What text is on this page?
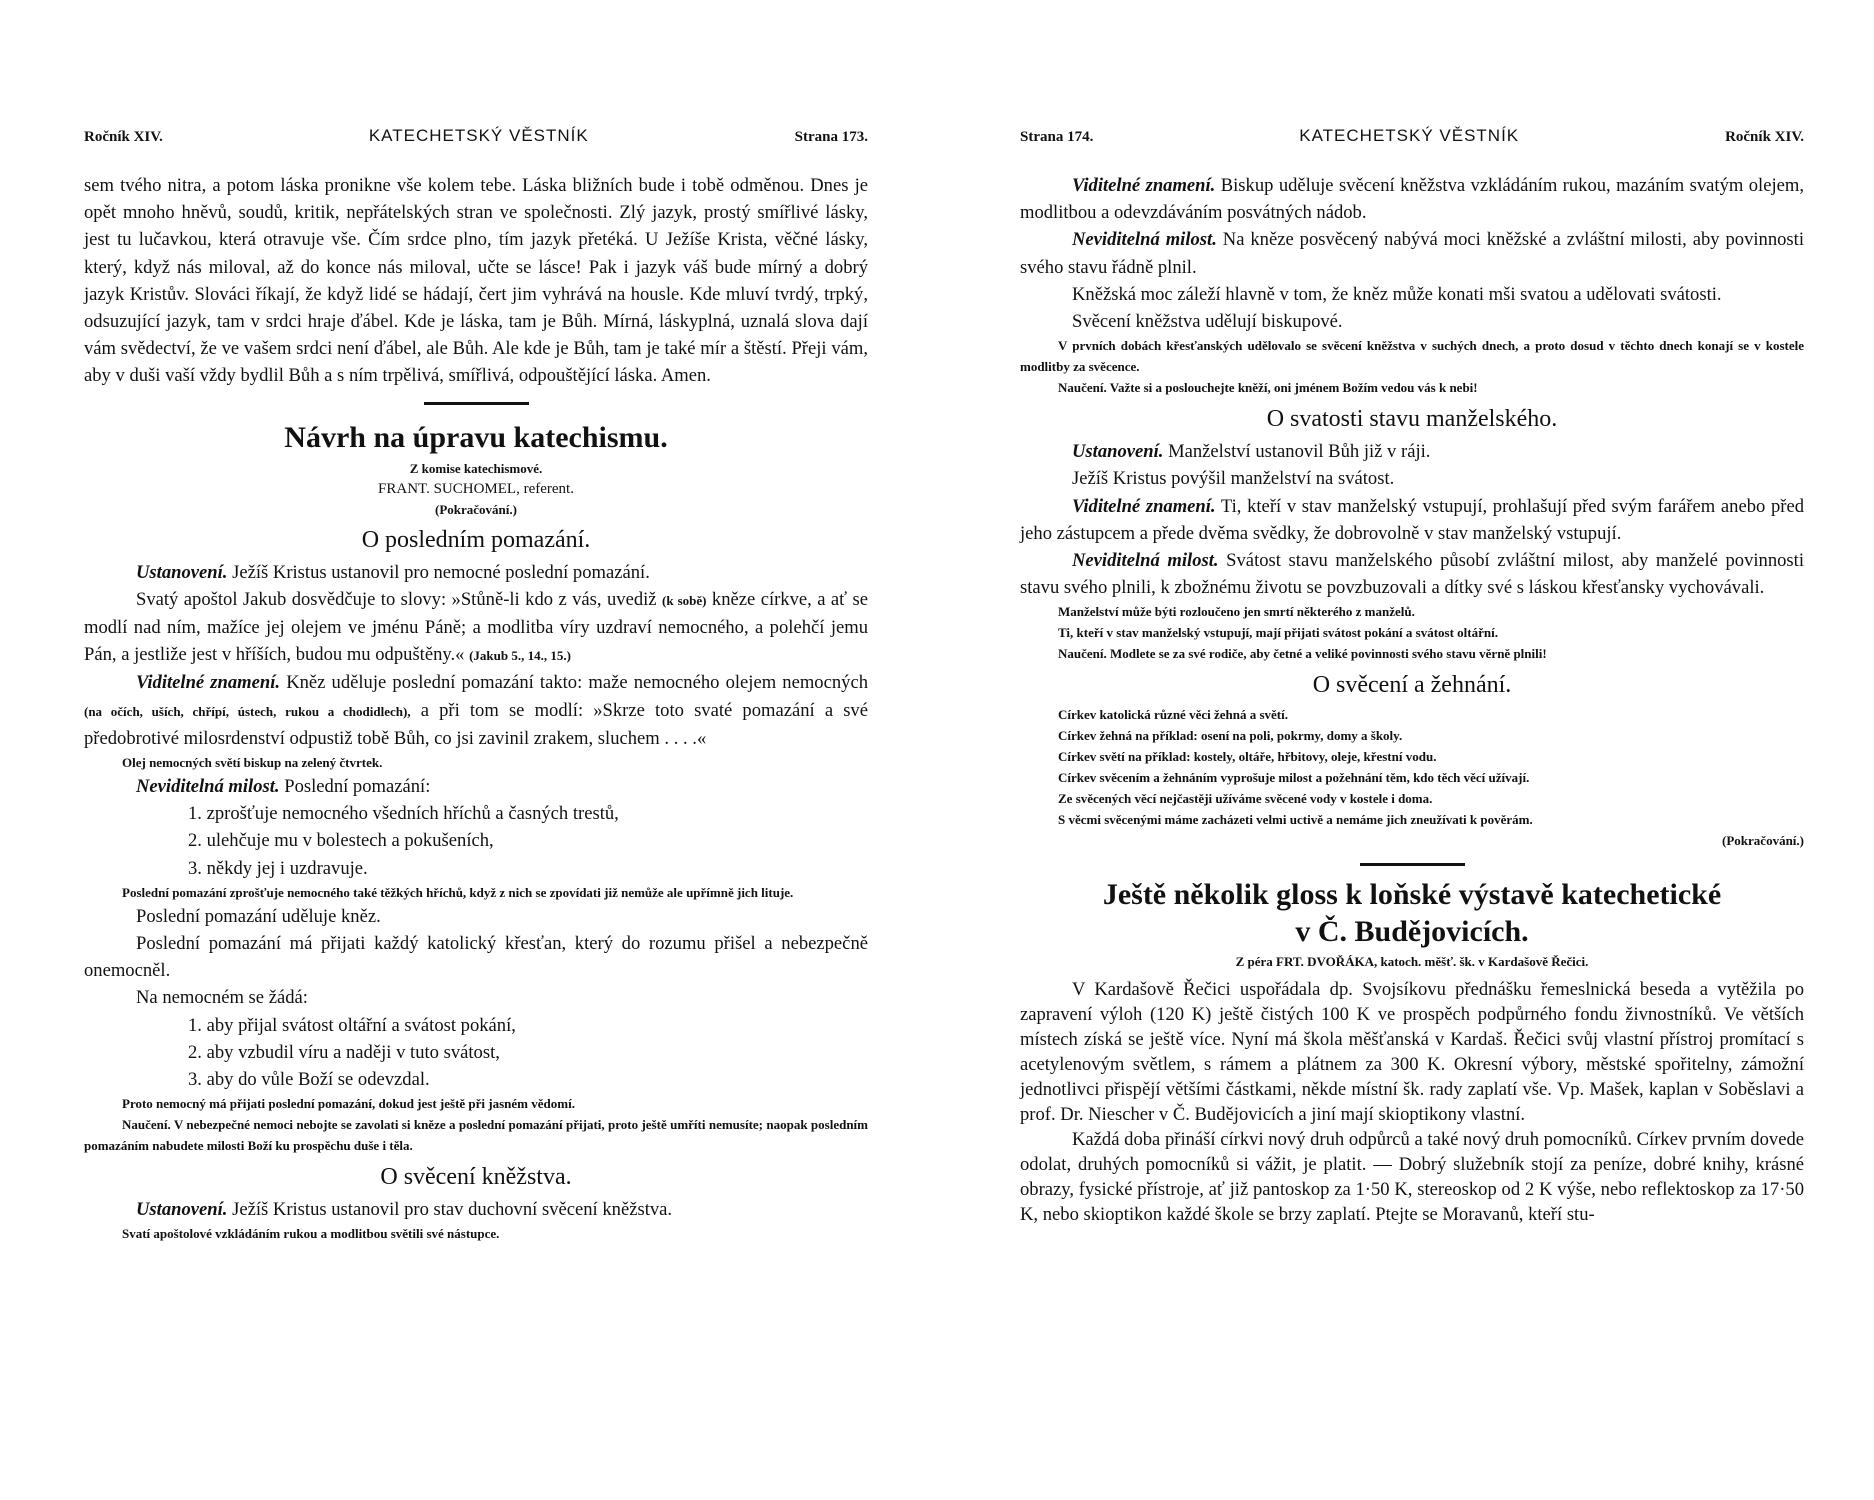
Ročník XIV.	KATECHETSKÝ VĚSTNÍK	Strana 173.

sem tvého nitra, a potom láska pronikne vše kolem tebe. Láska bližních bude i tobě odměnou. Dnes je opět mnoho hněvů, soudů, kritik, nepřátelských stran ve společnosti. Zlý jazyk, prostý smířlivé lásky, jest tu lučavkou, která otravuje vše. Čím srdce plno, tím jazyk přetéká. U Ježíše Krista, věčné lásky, který, když nás miloval, až do konce nás miloval, učte se lásce! Pak i jazyk váš bude mírný a dobrý jazyk Kristův. Slováci říkají, že když lidé se hádají, čert jim vyhrává na housle. Kde mluví tvrdý, trpký, odsuzující jazyk, tam v srdci hraje ďábel. Kde je láska, tam je Bůh. Mírná, láskyplná, uznalá slova dají vám svědectví, že ve vašem srdci není ďábel, ale Bůh. Ale kde je Bůh, tam je také mír a štěstí. Přeji vám, aby v duši vaší vždy bydlil Bůh a s ním trpělivá, smířlivá, odpouštějící láska. Amen.

Návrh na úpravu katechismu.
Z komise katechismové.
FRANT. SUCHOMEL, referent.
(Pokračování.)
O posledním pomazání.

Ustanovení. Ježíš Kristus ustanovil pro nemocné poslední pomazání.

Svatý apoštol Jakub dosvědčuje to slovy: »Stůně-li kdo z vás, uvediž (k sobě) kněze církve, a ať se modlí nad ním, mažíce jej olejem ve jménu Páně; a modlitba víry uzdraví nemocného, a polehčí jemu Pán, a jestliže jest v hříších, budou mu odpuštěny.« (Jakub 5., 14., 15.)

Viditelné znamení. Kněz uděluje poslední pomazání takto: maže nemocného olejem nemocných (na očích, uších, chřípí, ústech, rukou a chodidlech), a při tom se modlí: »Skrze toto svaté pomazání a své předobrotivé milosrdenství odpustiž tobě Bůh, co jsi zavinil zrakem, sluchem . . . .«

Olej nemocných světí biskup na zelený čtvrtek.

Neviditelná milost. Poslední pomazání:

1. zprošťuje nemocného všedních hříchů a časných trestů,

2. ulehčuje mu v bolestech a pokušeních,

3. někdy jej i uzdravuje.

Poslední pomazání zprošťuje nemocného také těžkých hříchů, když z nich se zpovídati již nemůže ale upřímně jich lituje.

Poslední pomazání uděluje kněz.

Poslední pomazání má přijati každý katolický křesťan, který do rozumu přišel a nebezpečně onemocněl.

Na nemocném se žádá:

1. aby přijal svátost oltářní a svátost pokání,

2. aby vzbudil víru a naději v tuto svátost,

3. aby do vůle Boží se odevzdal.

Proto nemocný má přijati poslední pomazání, dokud jest ještě při jasném vědomí.

Naučení. V nebezpečné nemoci nebojte se zavolati si kněze a poslední pomazání přijati, proto ještě umříti nemusíte; naopak posledním pomazáním nabudete milosti Boží ku prospěchu duše i těla.

O svěcení kněžstva.

Ustanovení. Ježíš Kristus ustanovil pro stav duchovní svěcení kněžstva.

Svatí apoštolové vzkládáním rukou a modlitbou světili své nástupce.

Strana 174.	KATECHETSKÝ VĚSTNÍK	Ročník XIV.

Viditelné znamení. Biskup uděluje svěcení kněžstva vzkládáním rukou, mazáním svatým olejem, modlitbou a odevzdáváním posvátných nádob.

Neviditelná milost. Na kněze posvěcený nabývá moci kněžské a zvláštní milosti, aby povinnosti svého stavu řádně plnil.

Kněžská moc záleží hlavně v tom, že kněz může konati mši svatou a udělovati svátosti.

Svěcení kněžstva udělují biskupové.

V prvních dobách křesťanských udělovalo se svěcení kněžstva v suchých dnech, a proto dosud v těchto dnech konají se v kostele modlitby za svěcence.

Naučení. Važte si a poslouchejte kněží, oni jménem Božím vedou vás k nebi!

O svatosti stavu manželského.

Ustanovení. Manželství ustanovil Bůh již v ráji.

Ježíš Kristus povýšil manželství na svátost.

Viditelné znamení. Ti, kteří v stav manželský vstupují, prohlašují před svým farářem anebo před jeho zástupcem a přede dvěma svědky, že dobrovolně v stav manželský vstupují.

Neviditelná milost. Svátost stavu manželského působí zvláštní milost, aby manželé povinnosti stavu svého plnili, k zbožnému životu se povzbuzovali a dítky své s láskou křesťansky vychovávali.

Manželství může býti rozloučeno jen smrtí některého z manželů.

Ti, kteří v stav manželský vstupují, mají přijati svátost pokání a svátost oltářní.

Naučení. Modlete se za své rodiče, aby četné a veliké povinnosti svého stavu věrně plnili!

O svěcení a žehnání.

Církev katolická různé věci žehná a světí.

Církev žehná na příklad: osení na poli, pokrmy, domy a školy.

Církev světí na příklad: kostely, oltáře, hřbitovy, oleje, křestní vodu.

Církev svěcením a žehnáním vyprošuje milost a požehnání těm, kdo těch věcí užívají.

Ze svěcených věcí nejčastěji užíváme svěcené vody v kostele i doma.

S věcmi svěcenými máme zacházeti velmi uctivě a nemáme jich zneužívati k pověrám.

(Pokračování.)

Ještě několik gloss k loňské výstavě katechetické
v Č. Budějovicích.
Z péra FRT. DVOŘÁKA, katoch. měšť. šk. v Kardašově Řečici.

V Kardašově Řečici uspořádala dp. Svojsíkovu přednášku řemeslnická beseda a vytěžila po zapravení výloh (120 K) ještě čistých 100 K ve prospěch podpůrného fondu živnostníků. Ve větších místech získá se ještě více. Nyní má škola měšťanská v Kardaš. Řečici svůj vlastní přístroj promítací s acetylenovým světlem, s rámem a plátnem za 300 K. Okresní výbory, městské spořitelny, zámožní jednotlivci přispějí většími částkami, někde místní šk. rady zaplatí vše. Vp. Mašek, kaplan v Soběslavi a prof. Dr. Niescher v Č. Budějovicích a jiní mají skioptikony vlastní.

Každá doba přináší církvi nový druh odpůrců a také nový druh pomocníků. Církev prvním dovede odolat, druhých pomocníků si vážit, je platit. — Dobrý služebník stojí za peníze, dobré knihy, krásné obrazy, fysické přístroje, ať již pantoskop za 1·50 K, stereoskop od 2 K výše, nebo reflektoskop za 17·50 K, nebo skioptikon každé škole se brzy zaplatí. Ptejte se Moravanů, kteří stu-
